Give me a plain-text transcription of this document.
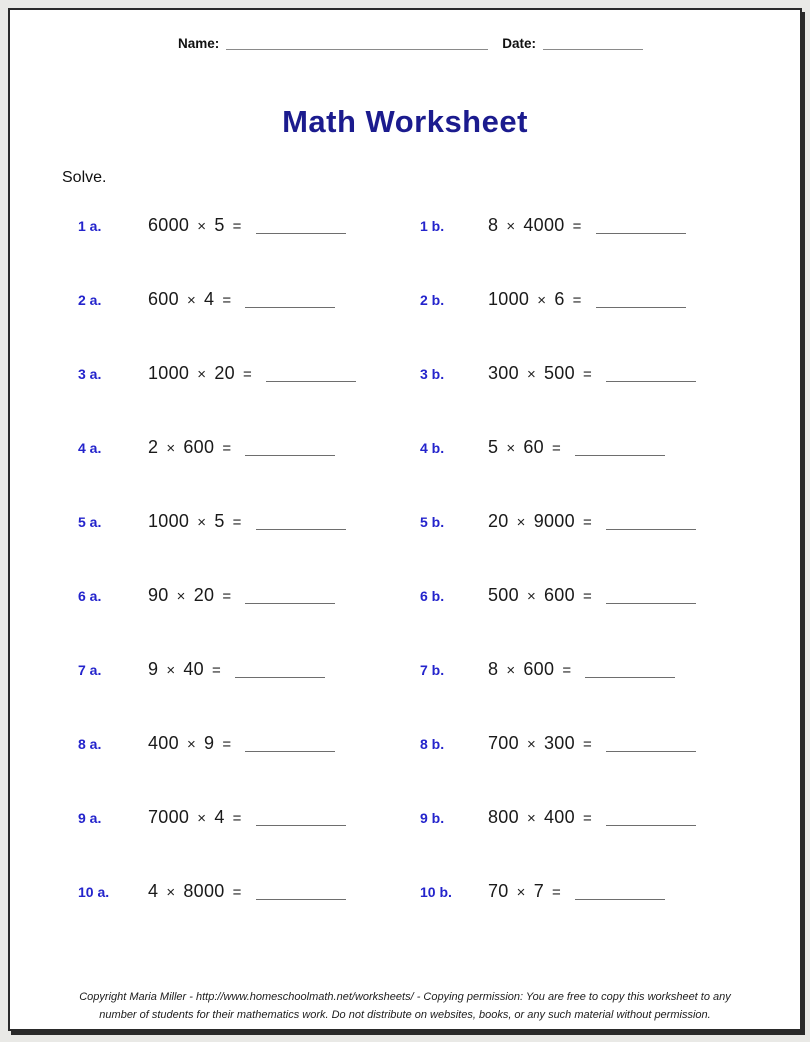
Name:	Date:
Math Worksheet
Solve.
1 a.	6000 × 5 =	1 b. 8 × 4000 =
2 a.	600 × 4 =	2 b. 1000 × 6 =
3 a.	1000 × 20 =	3 b. 300 × 500 =
4 a.	2 × 600 =	4 b. 5 × 60 =
5 a.	1000 × 5 =	5 b. 20 × 9000 =
6 a.	90 × 20 =	6 b. 500 × 600 =
7 a.	9 × 40 =	7 b. 8 × 600 =
8 a.	400 × 9 =	8 b. 700 × 300 =
9 a.	7000 × 4 =	9 b. 800 × 400 =
10 a. 4 × 8000 =	10 b. 70 × 7 =
Copyright Maria Miller - http://www.homeschoolmath.net/worksheets/ - Copying permission: You are free to copy this worksheet to any
number of students for their mathematics work. Do not distribute on websites, books, or any such material without permission.
